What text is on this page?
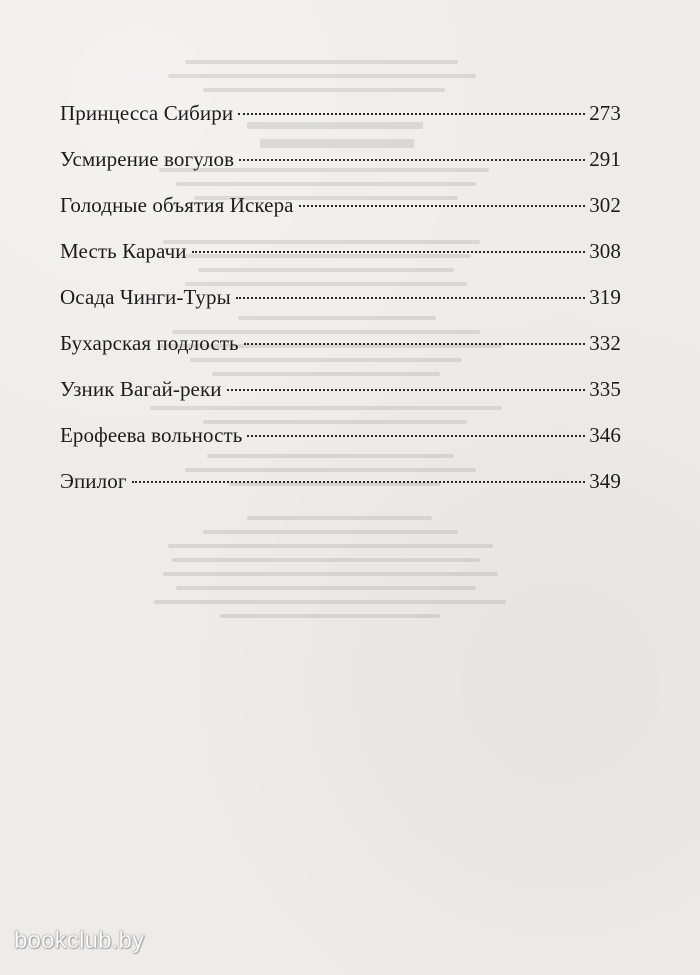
Принцесса Сибири	273
Усмирение вогулов	291
Голодные объятия Искера	302
Месть Карачи	308
Осада Чинги-Туры	319
Бухарская подлость	332
Узник Вагай-реки	335
Ерофеева вольность	346
Эпилог	349
bookclub.by
